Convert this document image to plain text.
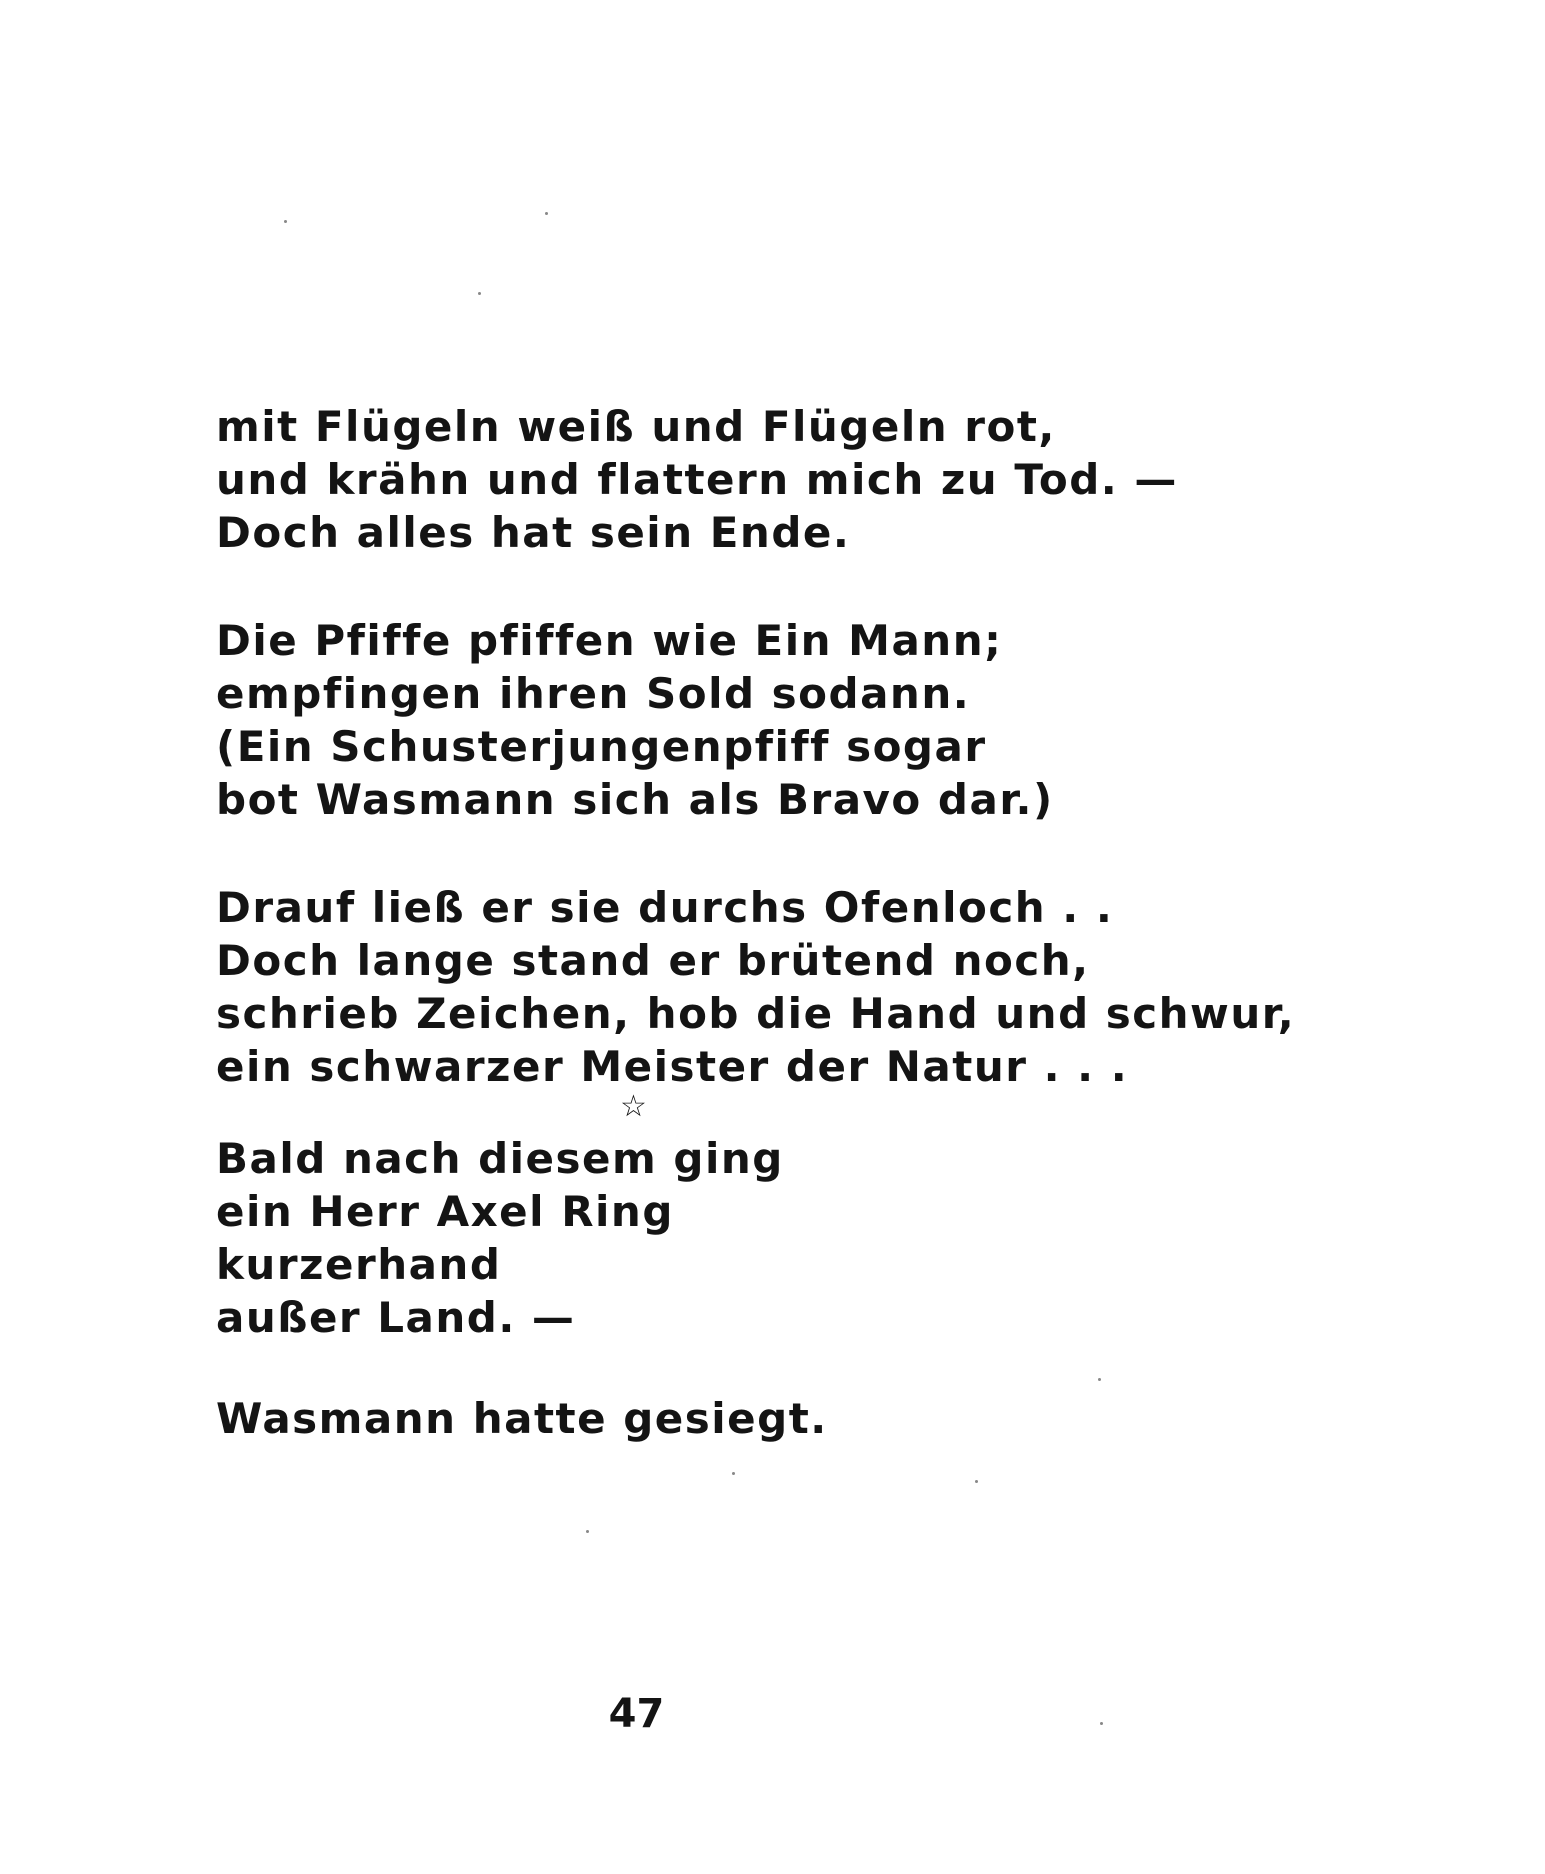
mit Flügeln weiß und Flügeln rot,
und krähn und flattern mich zu Tod. —
Doch alles hat sein Ende.
Die Pfiffe pfiffen wie Ein Mann;
empfingen ihren Sold sodann.
(Ein Schusterjungenpfiff sogar
bot Wasmann sich als Bravo dar.)
Drauf ließ er sie durchs Ofenloch . .
Doch lange stand er brütend noch,
schrieb Zeichen, hob die Hand und schwur,
ein schwarzer Meister der Natur . . .
☆
Bald nach diesem ging
ein Herr Axel Ring
kurzerhand
außer Land. —
Wasmann hatte gesiegt.
47
